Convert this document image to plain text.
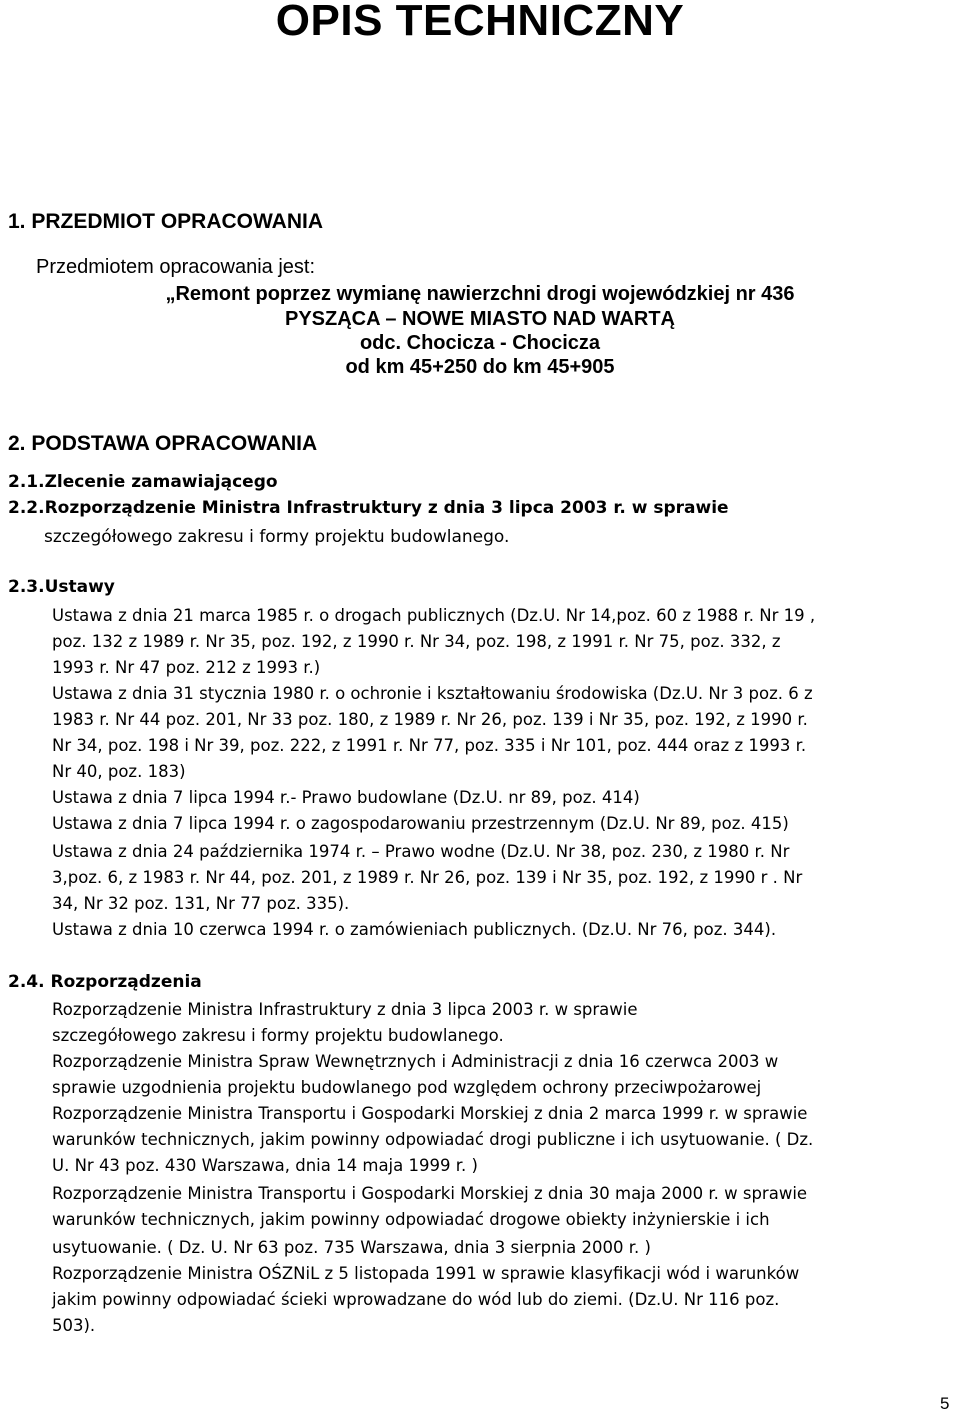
OPIS TECHNICZNY
1. PRZEDMIOT OPRACOWANIA
Przedmiotem opracowania jest:
„Remont poprzez wymianę nawierzchni drogi wojewódzkiej nr 436
PYSZĄCA – NOWE MIASTO NAD WARTĄ
odc. Chocicza - Chocicza
od km 45+250 do km 45+905
2. PODSTAWA OPRACOWANIA
2.1.Zlecenie zamawiającego
2.2.Rozporządzenie Ministra Infrastruktury z dnia 3 lipca 2003 r. w sprawie
szczegółowego zakresu i formy projektu budowlanego.
2.3.Ustawy
Ustawa z dnia 21 marca 1985 r. o drogach publicznych (Dz.U. Nr 14,poz. 60 z 1988 r. Nr 19 ,
poz. 132 z 1989 r. Nr 35, poz. 192, z 1990 r. Nr 34, poz. 198, z 1991 r. Nr 75, poz. 332, z
1993 r. Nr 47 poz. 212 z 1993 r.)
Ustawa z dnia 31 stycznia 1980 r. o ochronie i kształtowaniu środowiska (Dz.U. Nr 3 poz. 6 z
1983 r. Nr 44 poz. 201, Nr 33 poz. 180, z 1989 r. Nr 26, poz. 139 i Nr 35, poz. 192, z 1990 r.
Nr 34, poz. 198 i Nr 39, poz. 222, z 1991 r. Nr 77, poz. 335 i Nr 101, poz. 444 oraz z 1993 r.
Nr 40, poz. 183)
Ustawa z dnia 7 lipca 1994 r.- Prawo budowlane (Dz.U. nr 89, poz. 414)
Ustawa z dnia 7 lipca 1994 r. o zagospodarowaniu przestrzennym (Dz.U. Nr 89, poz. 415)
Ustawa z dnia 24 października 1974 r. – Prawo wodne (Dz.U. Nr 38, poz. 230, z 1980 r. Nr
3,poz. 6, z 1983 r. Nr 44, poz. 201, z 1989 r. Nr 26, poz. 139 i Nr 35, poz. 192, z 1990 r . Nr
34, Nr 32 poz. 131, Nr 77 poz. 335).
Ustawa z dnia 10 czerwca 1994 r. o zamówieniach publicznych. (Dz.U. Nr 76, poz. 344).
2.4. Rozporządzenia
Rozporządzenie Ministra Infrastruktury z dnia 3 lipca 2003 r. w sprawie
szczegółowego zakresu i formy projektu budowlanego.
Rozporządzenie Ministra Spraw Wewnętrznych i Administracji z dnia 16 czerwca 2003 w
sprawie uzgodnienia projektu budowlanego pod względem ochrony przeciwpożarowej
Rozporządzenie Ministra Transportu i Gospodarki Morskiej z dnia 2 marca 1999 r. w sprawie
warunków technicznych, jakim powinny odpowiadać drogi publiczne i ich usytuowanie. ( Dz.
U. Nr 43 poz. 430 Warszawa, dnia 14 maja 1999 r. )
Rozporządzenie Ministra Transportu i Gospodarki Morskiej z dnia 30 maja 2000 r. w sprawie
warunków technicznych, jakim powinny odpowiadać drogowe obiekty inżynierskie i ich
usytuowanie. ( Dz. U. Nr 63 poz. 735 Warszawa, dnia 3 sierpnia 2000 r. )
Rozporządzenie Ministra OŚZNiL z 5 listopada 1991 w sprawie klasyfikacji wód i warunków
jakim powinny odpowiadać ścieki wprowadzane do wód lub do ziemi. (Dz.U. Nr 116 poz.
503).
5
